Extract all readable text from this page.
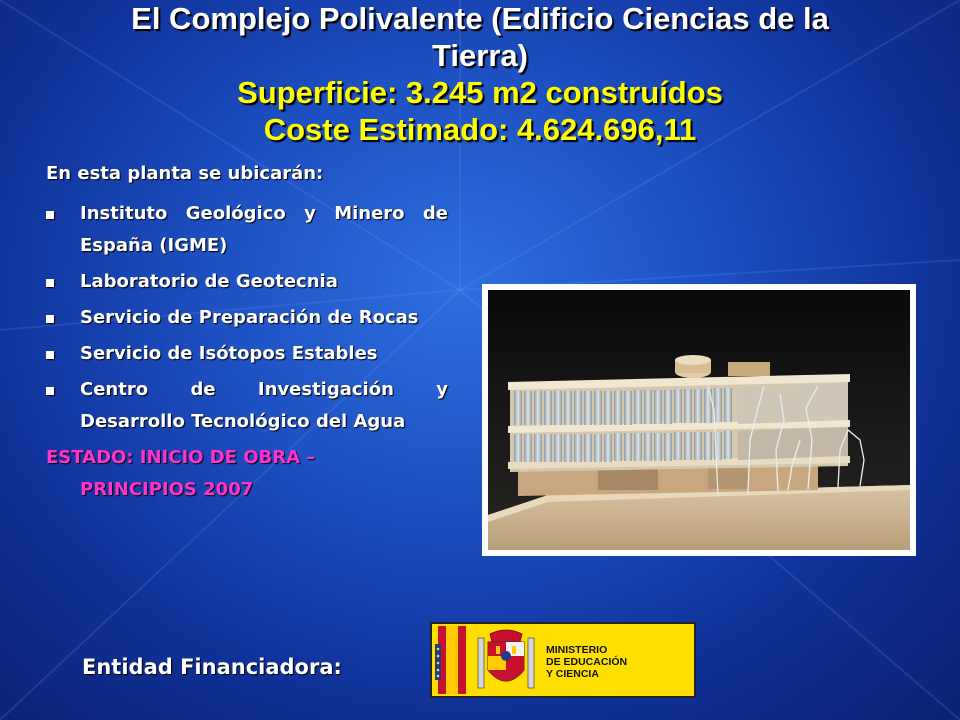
El Complejo Polivalente (Edificio Ciencias de la
Tierra)
Superficie: 3.245 m2 construídos
Coste Estimado: 4.624.696,11

En esta planta se ubicarán:

Instituto Geológico y Minero de España (IGME)
Laboratorio de Geotecnia
Servicio de Preparación de Rocas
Servicio de Isótopos Estables
Centro de Investigación y Desarrollo Tecnológico del Agua
ESTADO: INICIO DE OBRA –
PRINCIPIOS 2007
Entidad Financiadora:
MINISTERIO
DE EDUCACIÓN
Y CIENCIA
